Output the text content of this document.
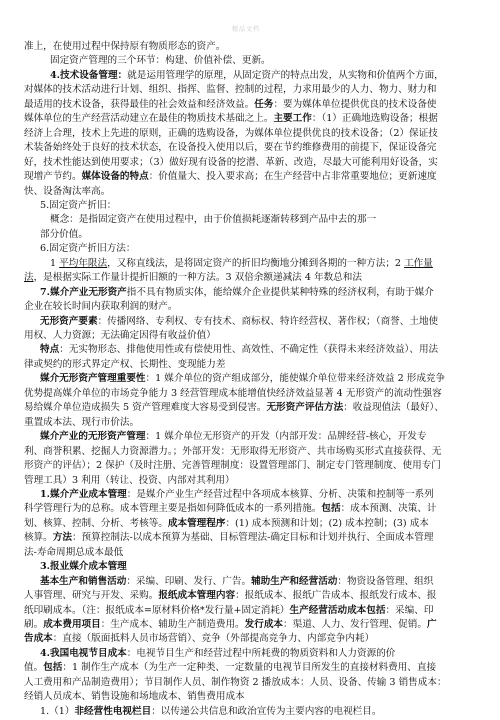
精品文档
准上，在使用过程中保持原有物质形态的资产。
固定资产管理的三个环节：构建、价值补偿、更新。
4.技术设备管理：就是运用管理学的原理，从固定资产的特点出发，从实物和价值两个方面，
对媒体的技术活动进行计划、组织、指挥、监督、控制的过程，力求用最少的人力、物力、财力和
最适用的技术设备，获得最佳的社会效益和经济效益。任务：要为媒体单位提供优良的技术设备使
媒体单位的生产经营活动建立在最佳的物质技术基础之上。主要工作：（1）正确地选购设备；根据
经济上合理，技术上先进的原则，正确的选购设备，为媒体单位提供优良的技术设备；（2）保证技
术装备始终处于良好的技术状态，在设备投入使用以后，要在节约维修费用的前提下，保证设备完
好，技术性能达到使用要求；（3）做好现有设备的挖潜、革新、改造，尽最大可能利用好设备，实
现增产节约。媒体设备的特点：价值量大、投入要求高；在生产经营中占非常重要地位；更新速度
快、设备淘汰率高。
5.固定资产折旧：
概念：是指固定资产在使用过程中，由于价值损耗逐渐转移到产品中去的那一
部分价值。
6.固定资产折旧方法：
1 平均年限法，又称直线法，是将固定资产的折旧均衡地分摊到各期的一种方法；2 工作量
法，是根据实际工作量计提折旧额的一种方法。3 双倍余额递减法 4 年数总和法
7.媒介产业无形资产指不具有物质实体，能给媒介企业提供某种特殊的经济权利，有助于媒介
企业在较长时间内获取利润的财产。
无形资产要素：传播网络、专利权、专有技术、商标权、特许经营权、著作权；（商誉、土地使
用权、人力资源；无法确定因得有收益价值）
特点：无实物形态、排他使用性或有偿使用性、高效性、不确定性（获得未来经济效益）、用法
律或契约的形式界定产权、长期性、变现能力差
媒介无形资产管理重要性：1 媒介单位的资产组成部分，能使媒介单位带来经济效益 2 形成竞争
优势提高媒介单位的市场竞争能力 3 经营管理成本能增值快经济效益显著 4 无形资产的流动性强容
易给媒介单位造成损失 5 资产管理难度大容易受到侵害。无形资产评估方法：收益现值法（最好）、
重置成本法、现行市价法。
媒介产业的无形资产管理：1 媒介单位无形资产的开发（内部开发：品牌经营-核心，开发专
利、商誉积累、挖掘人力资源潜力。；外部开发：无形取得无形资产、共市场购买形式直接获得、无
形资产的评估）；2 保护（及时注册、完善管理制度：设置管理部门、制定专门管理制度、使用专门
管理工具）3 利用（转让、投资、内部对其利用）
1.媒介产业成本管理：是媒介产业生产经营过程中各项成本核算、分析、决策和控制等一系列
科学管理行为的总称。成本管理主要是指如何降低成本的一系列措施。包括：成本预测、决策、计
划、核算、控制、分析、考核等。成本管理程序：(1) 成本预测和计划；(2) 成本控制；(3) 成本
核算。方法：预算控制法-以成本预算为基础、目标管理法-确定目标和计划并执行、全面成本管理
法-寿命周期总成本最低
3.报业媒介成本管理
基本生产和销售活动：采编、印刷、发行、广告。辅助生产和经营活动：物资设备管理、组织
人事管理、研究与开发、采购。报纸成本管理内容：报纸成本、报纸广告成本、报纸发行成本、报
纸印刷成本。（注：报纸成本=原材料价格*发行量+固定消耗）生产经营活动成本包括：采编、印
刷。成本费用项目：生产成本、辅助生产制造费用。发行成本：渠道、人力、发行管理、促销。广
告成本：直接（版面抵料人员市场营销）、竞争（外部提高竞争力、内部竞争内耗）
4.我国电视节目成本：电视节目生产和经营过程中所耗费的物质资料和人力资源的价
值。包括：1 制作生产成本（为生产一定种类、一定数量的电视节目所发生的直接材料费用、直接
人工费用和产品制造费用）；节目制作人员、制作物资 2 播放成本：人员、设备、传输 3 销售成本：
经销人员成本、销售设施和场地成本、销售费用成本
1.（1）非经营性电视栏目：以传递公共信息和政治宣传为主要内容的电视栏目。
